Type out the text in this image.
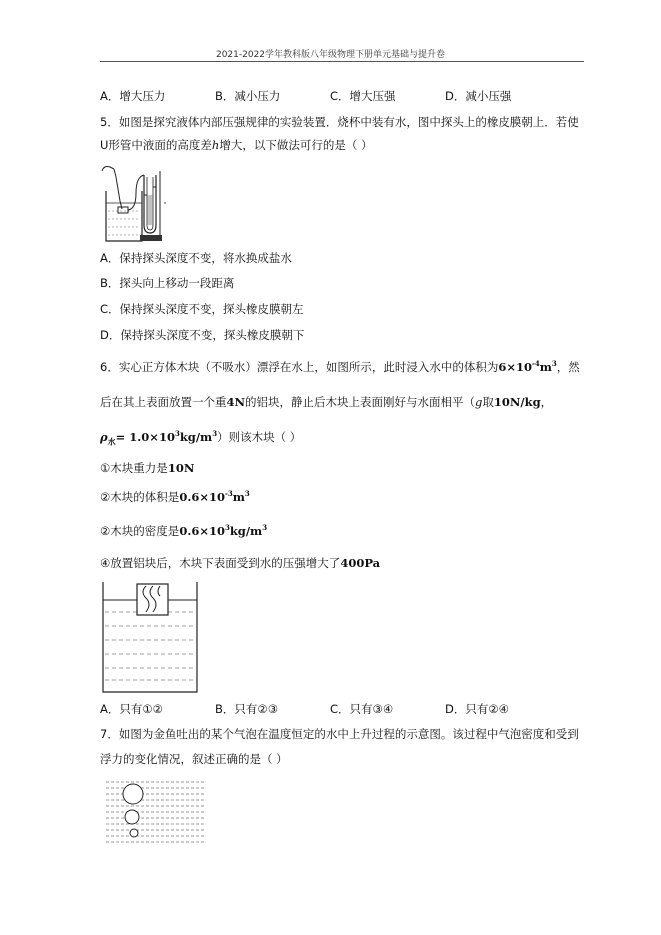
2021-2022学年教科版八年级物理下册单元基础与提升卷
A．增大压力	B．减小压力	C．增大压强	D．减小压强
5．如图是探究液体内部压强规律的实验装置．烧杯中装有水，图中探头上的橡皮膜朝上．若使
U形管中液面的高度差h增大，以下做法可行的是（ ）
A．保持探头深度不变，将水换成盐水
B．探头向上移动一段距离
C．保持探头深度不变，探头橡皮膜朝左
D．保持探头深度不变，探头橡皮膜朝下
6．实心正方体木块（不吸水）漂浮在水上，如图所示，此时浸入水中的体积为$6\times 10^{-4}m^3$，然
后在其上表面放置一个重4N的铝块，静止后木块上表面刚好与水面相平（g取10N/kg，
$\rho_水= 1.0\times 10^3kg/m^3$）则该木块（ ）
①木块重力是10N
②木块的体积是$0.6\times 10^{-3}m^3$
②木块的密度是$0.6\times 10^3kg/m^3$
④放置铝块后，木块下表面受到水的压强增大了400Pa
A．只有①②	B．只有②③	C．只有③④	D．只有②④
7．如图为金鱼吐出的某个气泡在温度恒定的水中上升过程的示意图。该过程中气泡密度和受到
浮力的变化情况，叙述正确的是（ ）
